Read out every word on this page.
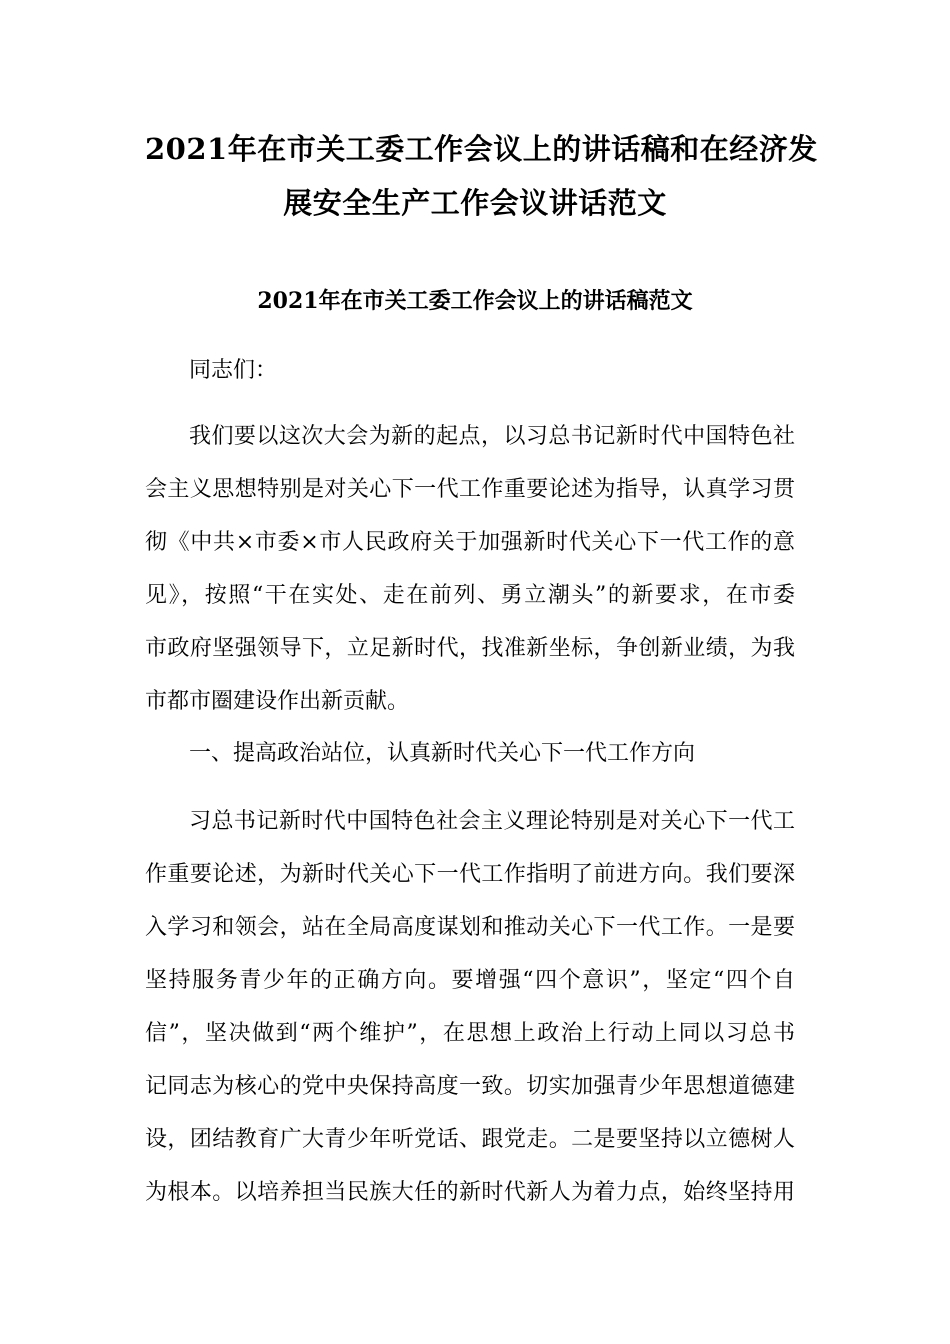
2021年在市关工委工作会议上的讲话稿和在经济发
展安全生产工作会议讲话范文
2021年在市关工委工作会议上的讲话稿范文

同志们：

我们要以这次大会为新的起点，以习总书记新时代中国特色社
会主义思想特别是对关心下一代工作重要论述为指导，认真学习贯
彻《中共×市委×市人民政府关于加强新时代关心下一代工作的意
见》，按照“干在实处、走在前列、勇立潮头”的新要求，在市委
市政府坚强领导下，立足新时代，找准新坐标，争创新业绩，为我
市都市圈建设作出新贡献。

一、提高政治站位，认真新时代关心下一代工作方向

习总书记新时代中国特色社会主义理论特别是对关心下一代工
作重要论述，为新时代关心下一代工作指明了前进方向。我们要深
入学习和领会，站在全局高度谋划和推动关心下一代工作。一是要
坚持服务青少年的正确方向。要增强“四个意识”，坚定“四个自
信”，坚决做到“两个维护”，在思想上政治上行动上同以习总书
记同志为核心的党中央保持高度一致。切实加强青少年思想道德建
设，团结教育广大青少年听党话、跟党走。二是要坚持以立德树人
为根本。以培养担当民族大任的新时代新人为着力点，始终坚持用
